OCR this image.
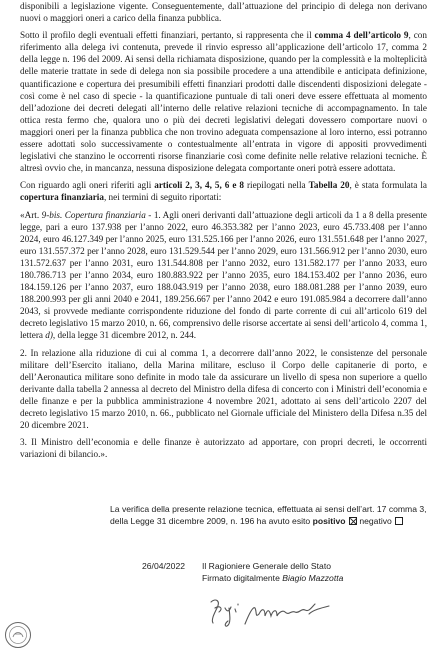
disponibili a legislazione vigente. Conseguentemente, dall’attuazione del principio di delega non derivano nuovi o maggiori oneri a carico della finanza pubblica.

Sotto il profilo degli eventuali effetti finanziari, pertanto, si rappresenta che il comma 4 dell’articolo 9, con riferimento alla delega ivi contenuta, prevede il rinvio espresso all’applicazione dell’articolo 17, comma 2 della legge n. 196 del 2009. Ai sensi della richiamata disposizione, quando per la complessità e la molteplicità delle materie trattate in sede di delega non sia possibile procedere a una attendibile e anticipata definizione, quantificazione e copertura dei presumibili effetti finanziari prodotti dalle discendenti disposizioni delegate - così come è nel caso di specie - la quantificazione puntuale di tali oneri deve essere effettuata al momento dell’adozione dei decreti delegati all’interno delle relative relazioni tecniche di accompagnamento. In tale ottica resta fermo che, qualora uno o più dei decreti legislativi delegati dovessero comportare nuovi o maggiori oneri per la finanza pubblica che non trovino adeguata compensazione al loro interno, essi potranno essere adottati solo successivamente o contestualmente all’entrata in vigore di appositi provvedimenti legislativi che stanzino le occorrenti risorse finanziarie così come definite nelle relative relazioni tecniche. È altresì ovvio che, in mancanza, nessuna disposizione delegata comportante oneri potrà essere adottata.

Con riguardo agli oneri riferiti agli articoli 2, 3, 4, 5, 6 e 8 riepilogati nella Tabella 20, è stata formulata la copertura finanziaria, nei termini di seguito riportati:

«Art. 9-bis. Copertura finanziaria - 1. Agli oneri derivanti dall’attuazione degli articoli da 1 a 8 della presente legge, pari a euro 137.938 per l’anno 2022, euro 46.353.382 per l’anno 2023, euro 45.733.408 per l’anno 2024, euro 46.127.349 per l’anno 2025, euro 131.525.166 per l’anno 2026, euro 131.551.648 per l’anno 2027, euro 131.557.372 per l’anno 2028, euro 131.529.544 per l’anno 2029, euro 131.566.912 per l’anno 2030, euro 131.572.637 per l’anno 2031, euro 131.544.808 per l’anno 2032, euro 131.582.177 per l’anno 2033, euro 180.786.713 per l’anno 2034, euro 180.883.922 per l’anno 2035, euro 184.153.402 per l’anno 2036, euro 184.159.126 per l’anno 2037, euro 188.043.919 per l’anno 2038, euro 188.081.288 per l’anno 2039, euro 188.200.993 per gli anni 2040 e 2041, 189.256.667 per l’anno 2042 e euro 191.085.984 a decorrere dall’anno 2043, si provvede mediante corrispondente riduzione del fondo di parte corrente di cui all’articolo 619 del decreto legislativo 15 marzo 2010, n. 66, comprensivo delle risorse accertate ai sensi dell’articolo 4, comma 1, lettera d), della legge 31 dicembre 2012, n. 244.

2. In relazione alla riduzione di cui al comma 1, a decorrere dall’anno 2022, le consistenze del personale militare dell’Esercito italiano, della Marina militare, escluso il Corpo delle capitanerie di porto, e dell’Aeronautica militare sono definite in modo tale da assicurare un livello di spesa non superiore a quello derivante dalla tabella 2 annessa al decreto del Ministro della difesa di concerto con i Ministri dell’economia e delle finanze e per la pubblica amministrazione 4 novembre 2021, adottato ai sens dell’articolo 2207 del decreto legislativo 15 marzo 2010, n. 66., pubblicato nel Giornale ufficiale del Ministero della Difesa n.35 del 20 dicembre 2021.

3. Il Ministro dell’economia e delle finanze è autorizzato ad apportare, con propri decreti, le occorrenti variazioni di bilancio.».

La verifica della presente relazione tecnica, effettuata ai sensi dell’art. 17 comma 3, della Legge 31 dicembre 2009, n. 196 ha avuto esito positivo negativo
26/04/2022 Il Ragioniere Generale dello Stato
Firmato digitalmente Biagio Mazzotta
